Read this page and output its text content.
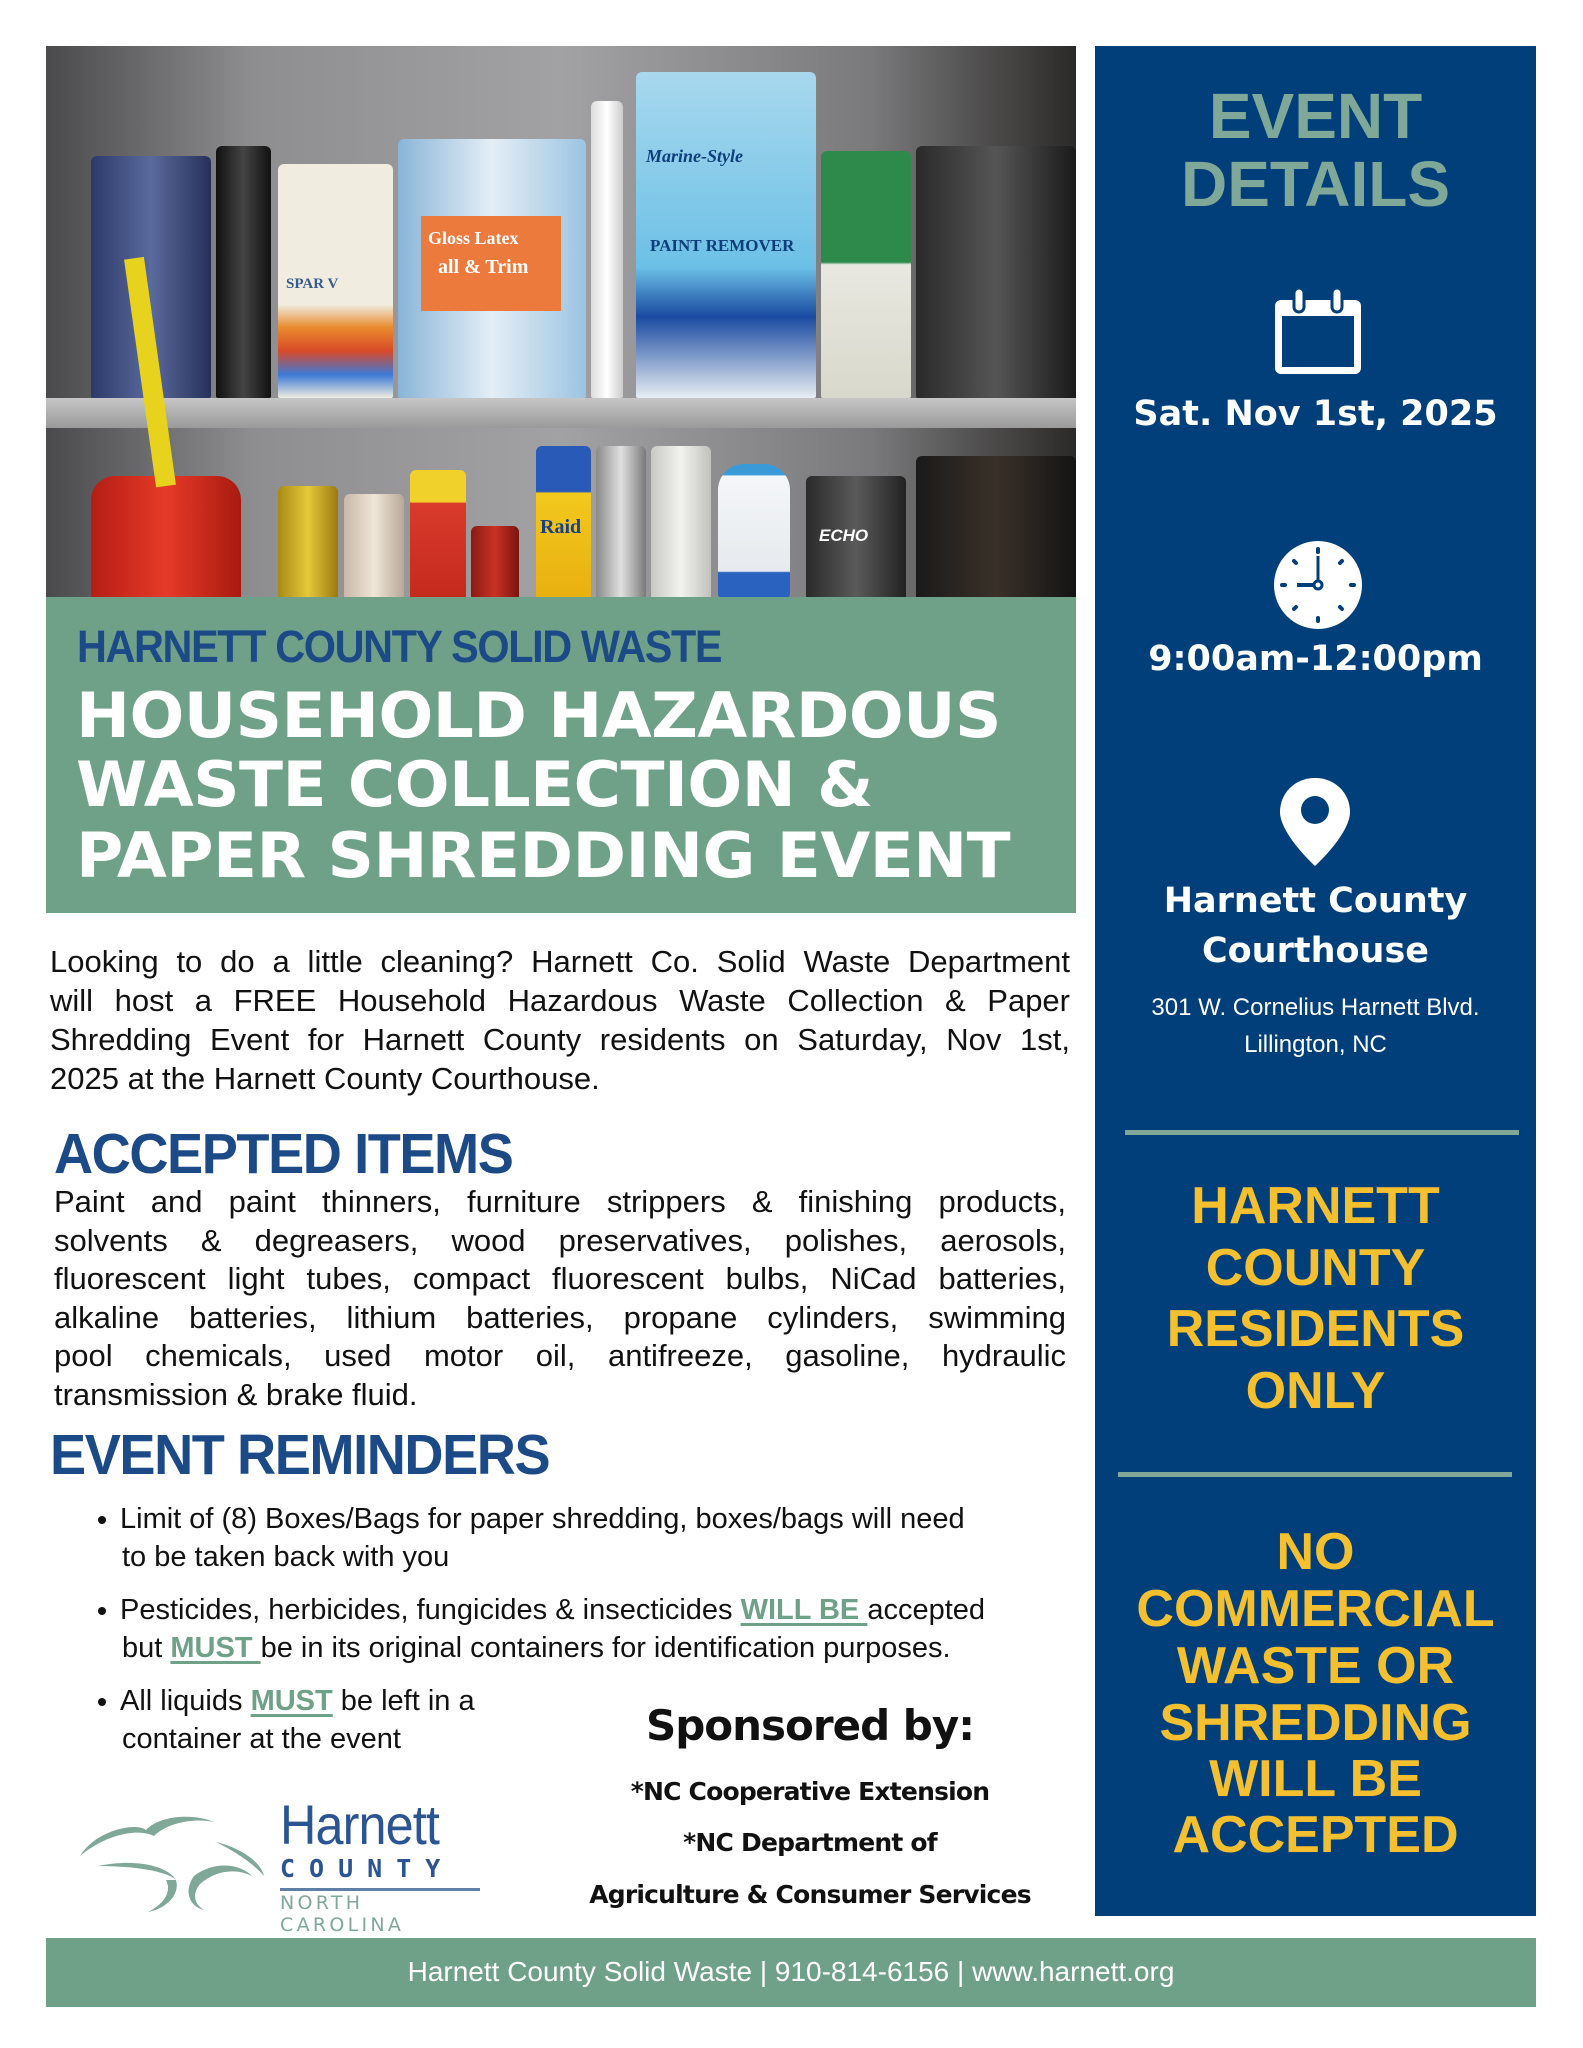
SPAR V
Gloss Latex
all & Trim
Marine-Style
PAINT REMOVER
Raid	ECHO
HARNETT COUNTY SOLID WASTE
HOUSEHOLD HAZARDOUS
WASTE COLLECTION &
PAPER SHREDDING EVENT
Looking to do a little cleaning? Harnett Co. Solid Waste Department
will host a FREE Household Hazardous Waste Collection & Paper
Shredding Event for Harnett County residents on Saturday, Nov 1st,
2025 at the Harnett County Courthouse.
ACCEPTED ITEMS
Paint and paint thinners, furniture strippers & finishing products,
solvents & degreasers, wood preservatives, polishes, aerosols,
fluorescent light tubes, compact fluorescent bulbs, NiCad batteries,
alkaline batteries, lithium batteries, propane cylinders, swimming
pool chemicals, used motor oil, antifreeze, gasoline, hydraulic
transmission & brake fluid.
EVENT REMINDERS
Limit of (8) Boxes/Bags for paper shredding, boxes/bags will need
to be taken back with you
Pesticides, herbicides, fungicides & insecticides WILL BE accepted
but MUST be in its original containers for identification purposes.
All liquids MUST be left in a
container at the event	Sponsored by:
*NC Cooperative Extension
*NC Department of
Agriculture & Consumer Services
Harnett
COUNTY
NORTH CAROLINA
EVENT
DETAILS
Sat. Nov 1st, 2025
9:00am-12:00pm
Harnett County
Courthouse
301 W. Cornelius Harnett Blvd.
Lillington, NC
HARNETT
COUNTY
RESIDENTS
ONLY
NO
COMMERCIAL
WASTE OR
SHREDDING
WILL BE
ACCEPTED
Harnett County Solid Waste | 910-814-6156 | www.harnett.org
